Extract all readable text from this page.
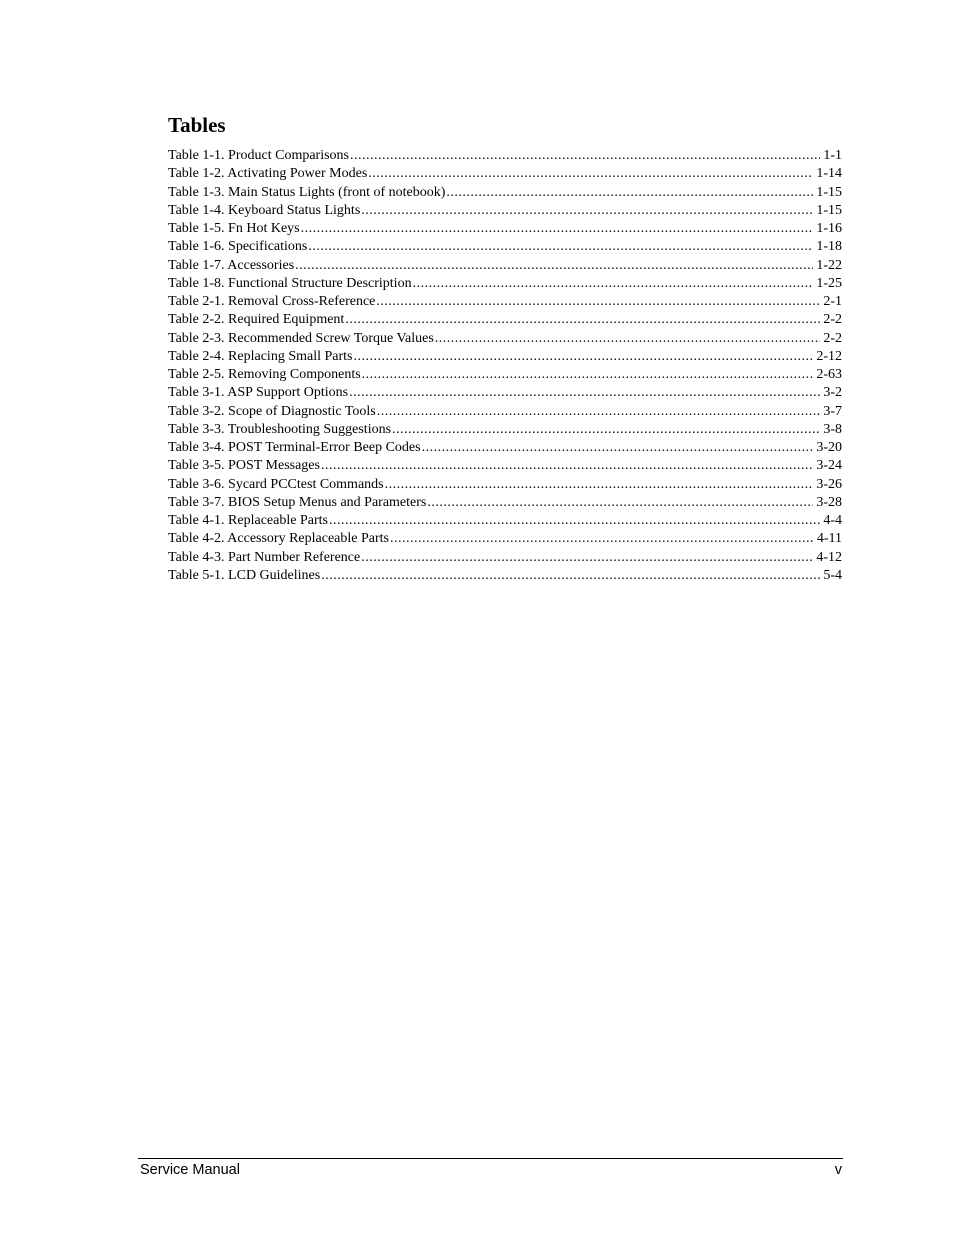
Tables
Table 1-1. Product Comparisons .....	1-1
Table 1-2. Activating Power Modes .....	1-14
Table 1-3. Main Status Lights (front of notebook) .....	1-15
Table 1-4. Keyboard Status Lights .....	1-15
Table 1-5. Fn Hot Keys .....	1-16
Table 1-6. Specifications .....	1-18
Table 1-7. Accessories .....	1-22
Table 1-8. Functional Structure Description .....	1-25
Table 2-1. Removal Cross-Reference .....	2-1
Table 2-2. Required Equipment .....	2-2
Table 2-3. Recommended Screw Torque Values .....	2-2
Table 2-4. Replacing Small Parts .....	2-12
Table 2-5. Removing Components .....	2-63
Table 3-1. ASP Support Options .....	3-2
Table 3-2. Scope of Diagnostic Tools .....	3-7
Table 3-3. Troubleshooting Suggestions .....	3-8
Table 3-4. POST Terminal-Error Beep Codes .....	3-20
Table 3-5. POST Messages .....	3-24
Table 3-6. Sycard PCCtest Commands .....	3-26
Table 3-7. BIOS Setup Menus and Parameters .....	3-28
Table 4-1. Replaceable Parts .....	4-4
Table 4-2. Accessory Replaceable Parts .....	4-11
Table 4-3. Part Number Reference .....	4-12
Table 5-1. LCD Guidelines .....	5-4
Service Manual	v
